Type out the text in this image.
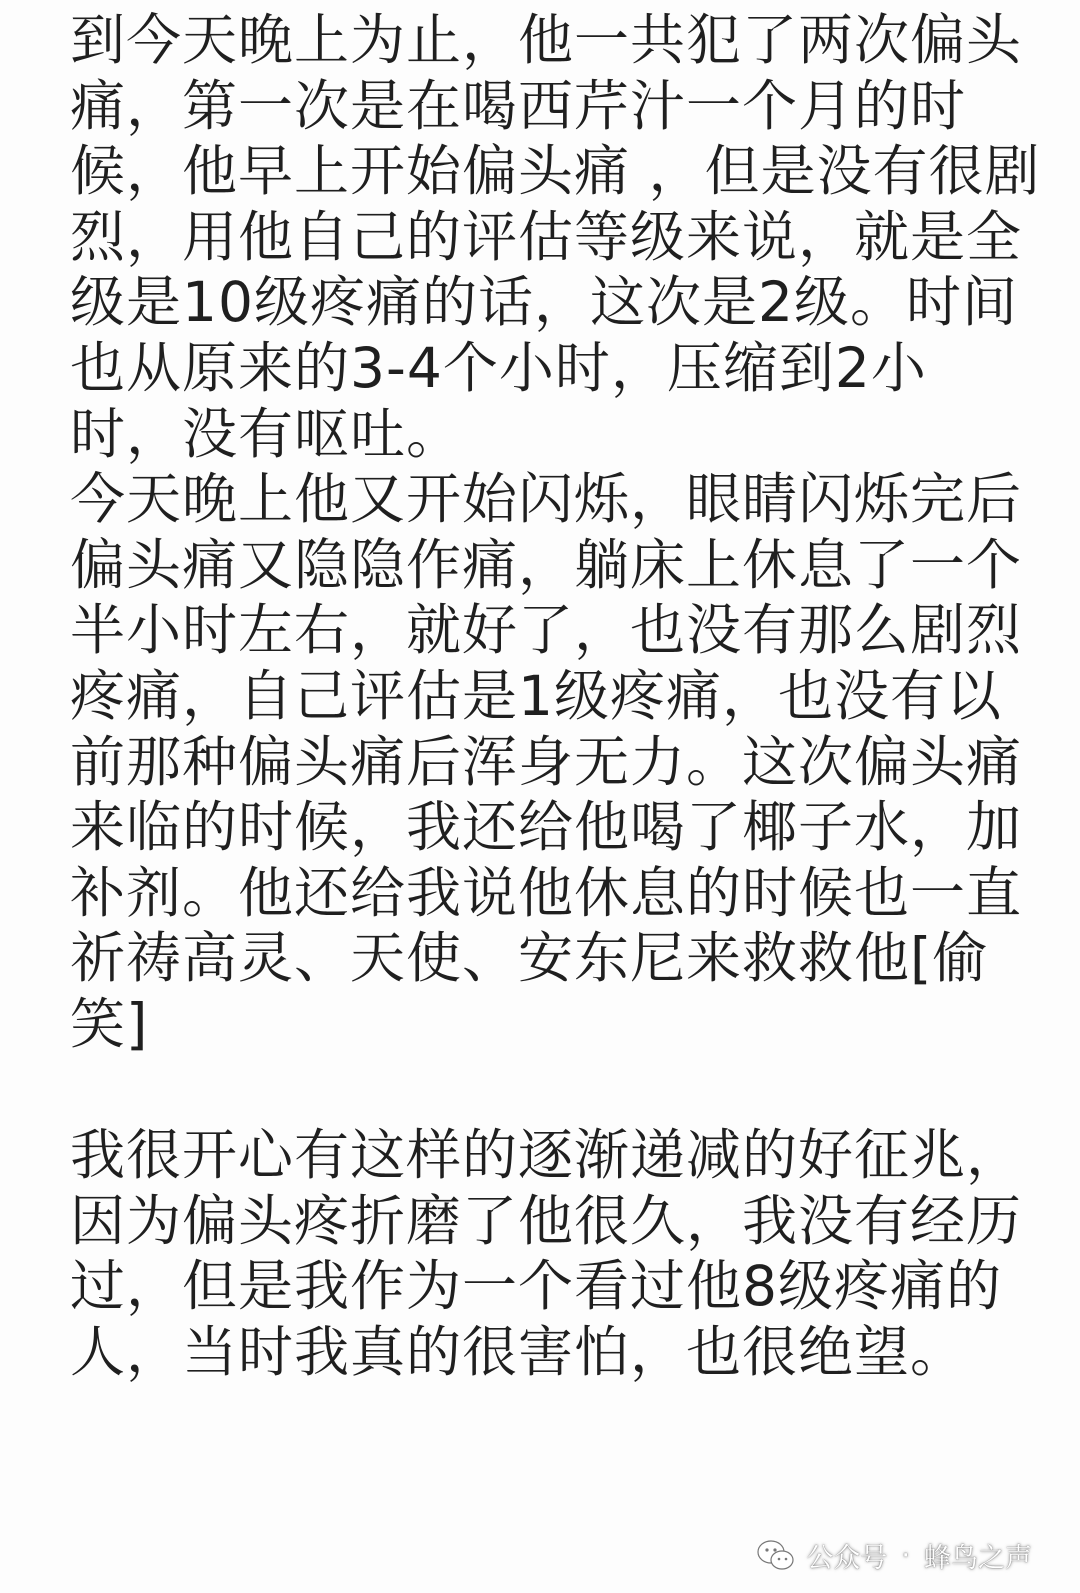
到今天晚上为止，他一共犯了两次偏头
痛，第一次是在喝西芹汁一个月的时
候，他早上开始偏头痛 ，但是没有很剧
烈，用他自己的评估等级来说，就是全
级是10级疼痛的话，这次是2级。时间
也从原来的3-4个小时，压缩到2小
时，没有呕吐。
今天晚上他又开始闪烁，眼睛闪烁完后
偏头痛又隐隐作痛，躺床上休息了一个
半小时左右，就好了，也没有那么剧烈
疼痛，自己评估是1级疼痛，也没有以
前那种偏头痛后浑身无力。这次偏头痛
来临的时候，我还给他喝了椰子水，加
补剂。他还给我说他休息的时候也一直
祈祷高灵、天使、安东尼来救救他[偷
笑]
我很开心有这样的逐渐递减的好征兆，
因为偏头疼折磨了他很久，我没有经历
过，但是我作为一个看过他8级疼痛的
人，当时我真的很害怕，也很绝望。
公众号 · 蜂鸟之声
